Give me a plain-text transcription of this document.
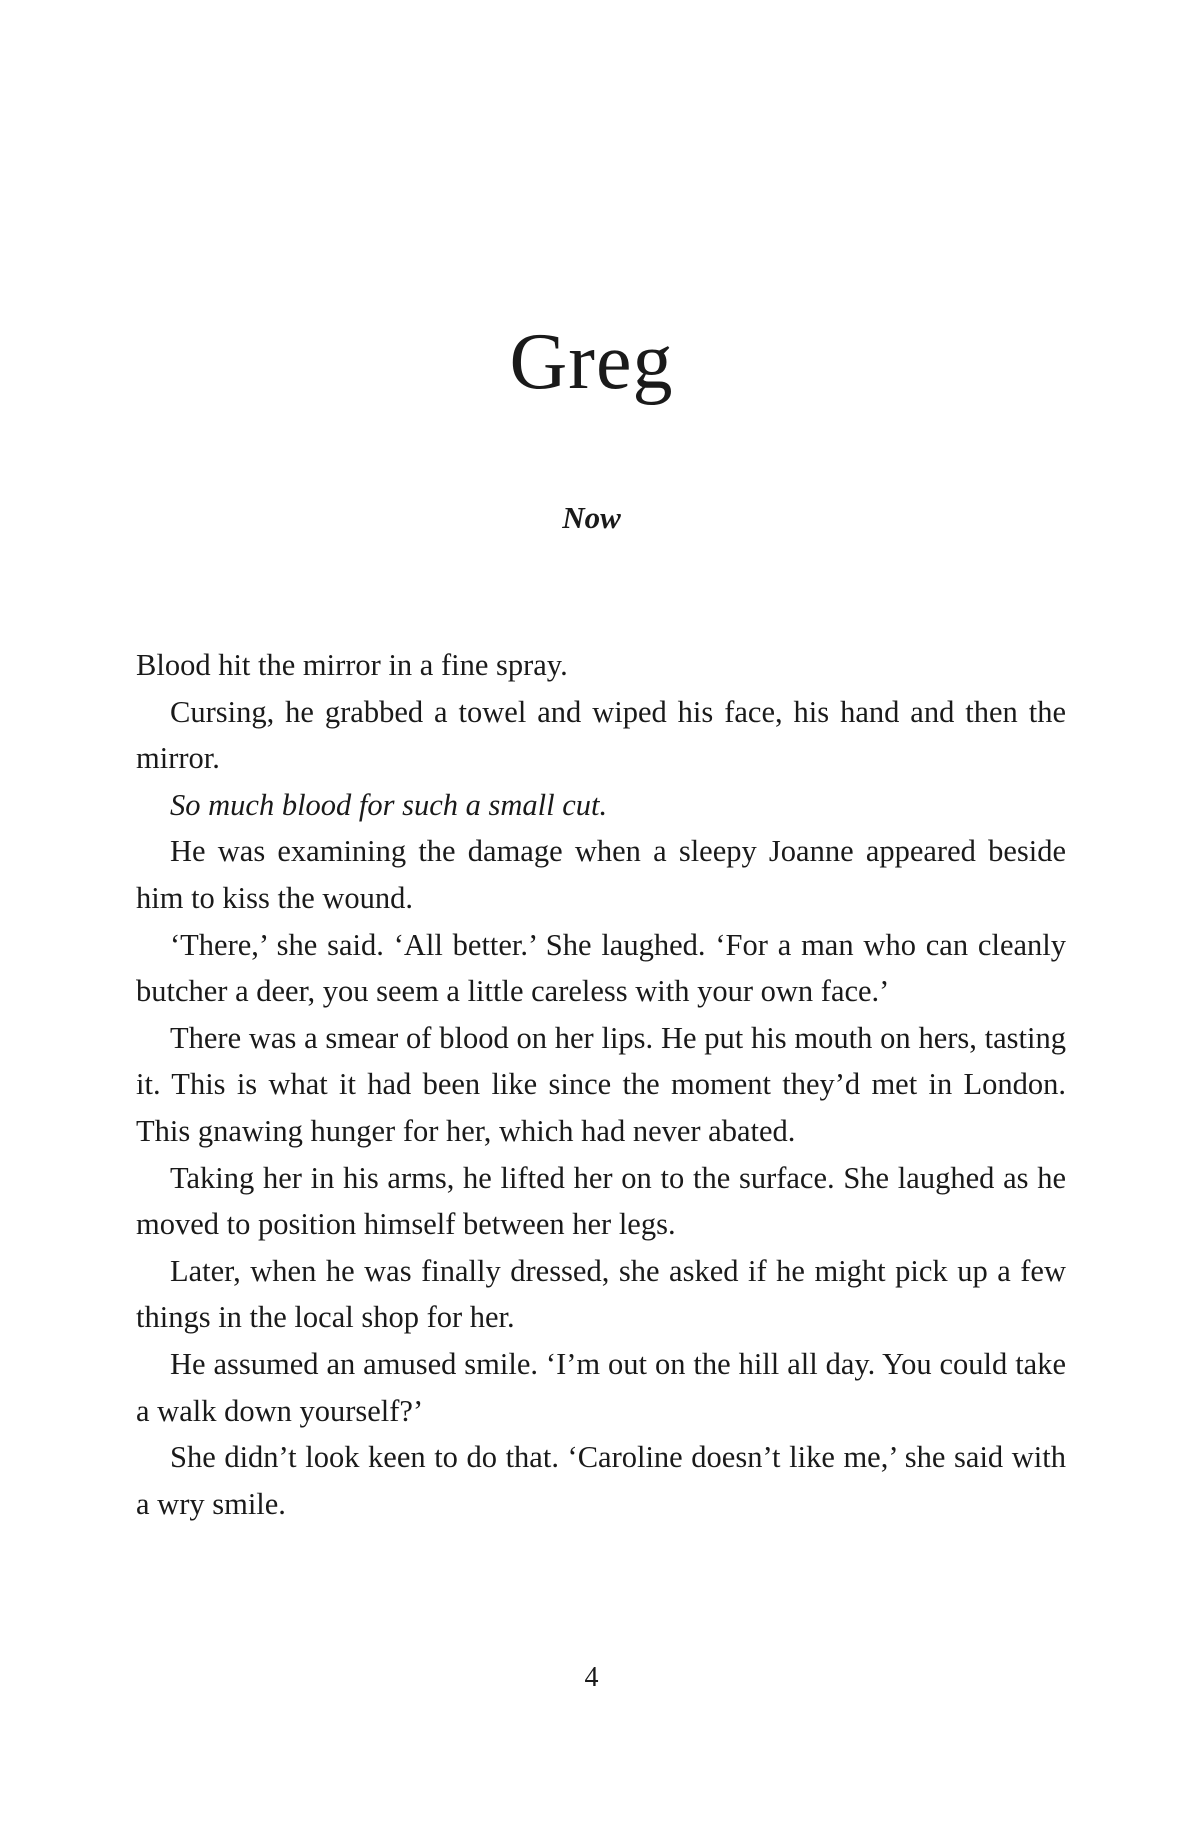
Greg
Now

Blood hit the mirror in a fine spray.

Cursing, he grabbed a towel and wiped his face, his hand and then the mirror.

So much blood for such a small cut.

He was examining the damage when a sleepy Joanne appeared beside him to kiss the wound.

‘There,’ she said. ‘All better.’ She laughed. ‘For a man who can cleanly butcher a deer, you seem a little careless with your own face.’

There was a smear of blood on her lips. He put his mouth on hers, tasting it. This is what it had been like since the moment they’d met in London. This gnawing hunger for her, which had never abated.

Taking her in his arms, he lifted her on to the surface. She laughed as he moved to position himself between her legs.

Later, when he was finally dressed, she asked if he might pick up a few things in the local shop for her.

He assumed an amused smile. ‘I’m out on the hill all day. You could take a walk down yourself?’

She didn’t look keen to do that. ‘Caroline doesn’t like me,’ she said with a wry smile.

4
